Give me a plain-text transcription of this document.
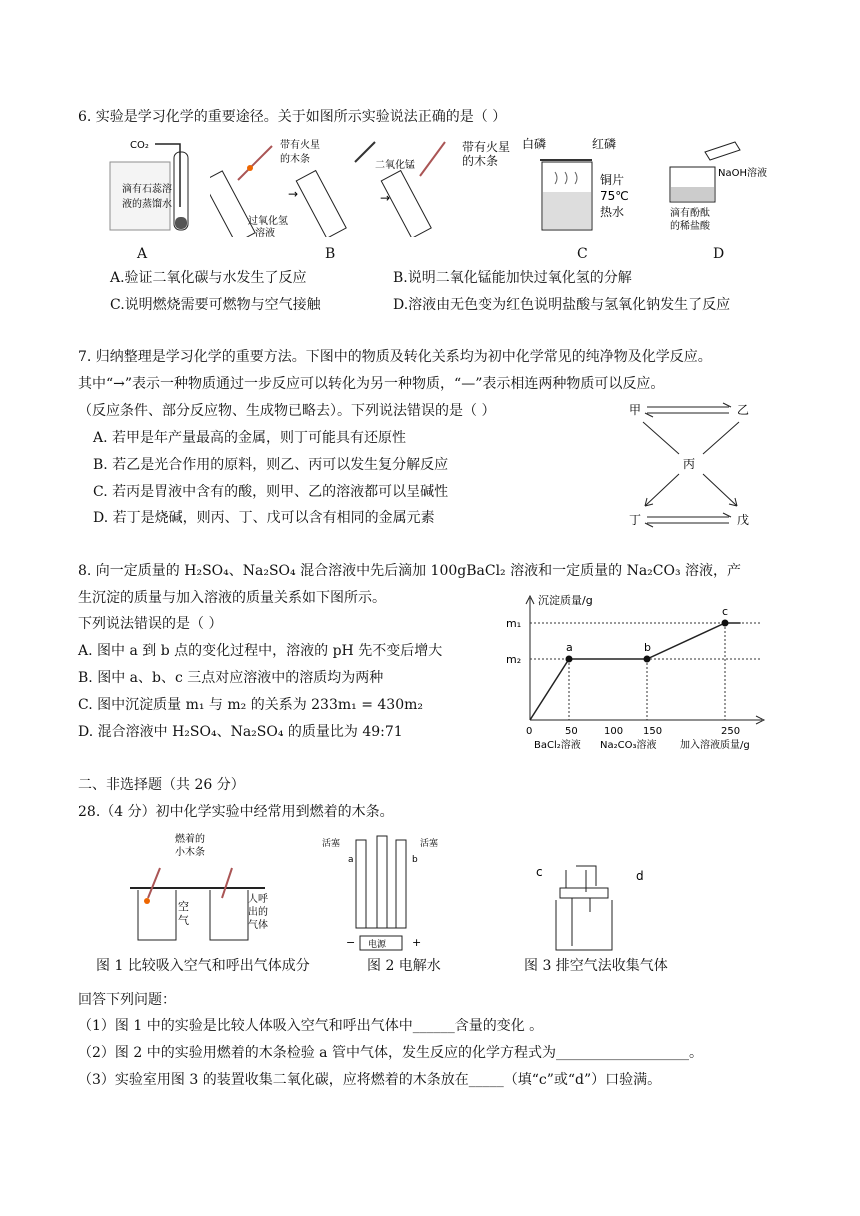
6. 实验是学习化学的重要途径。关于如图所示实验说法正确的是（ ）
CO₂
滴有石蕊溶
液的蒸馏水
带有火星
的木条
过氧化氢
溶液
→
二氧化锰
→
带有火星
的木条
白磷	红磷
铜片
75℃
热水
NaOH溶液
滴有酚酞
的稀盐酸
A	B	C	D
A.验证二氧化碳与水发生了反应	B.说明二氧化锰能加快过氧化氢的分解
C.说明燃烧需要可燃物与空气接触	D.溶液由无色变为红色说明盐酸与氢氧化钠发生了反应
7. 归纳整理是学习化学的重要方法。下图中的物质及转化关系均为初中化学常见的纯净物及化学反应。
其中“→”表示一种物质通过一步反应可以转化为另一种物质，“—”表示相连两种物质可以反应。
（反应条件、部分反应物、生成物已略去）。下列说法错误的是（ ）
A. 若甲是年产量最高的金属，则丁可能具有还原性
B. 若乙是光合作用的原料，则乙、丙可以发生复分解反应
C. 若丙是胃液中含有的酸，则甲、乙的溶液都可以呈碱性
D. 若丁是烧碱，则丙、丁、戊可以含有相同的金属元素
甲	乙
丙
丁	戊
8. 向一定质量的 H₂SO₄、Na₂SO₄ 混合溶液中先后滴加 100gBaCl₂ 溶液和一定质量的 Na₂CO₃ 溶液，产
生沉淀的质量与加入溶液的质量关系如下图所示。
下列说法错误的是（ ）
A. 图中 a 到 b 点的变化过程中，溶液的 pH 先不变后增大
B. 图中 a、b、c 三点对应溶液中的溶质均为两种
C. 图中沉淀质量 m₁ 与 m₂ 的关系为 233m₁ = 430m₂
D. 混合溶液中 H₂SO₄、Na₂SO₄ 的质量比为 49:71
沉淀质量/g
m₂
m₁
0	50	100 150	250
BaCl₂溶液 Na₂CO₃溶液 加入溶液质量/g
a	b
c
二、非选择题（共 26 分）
28.（4 分）初中化学实验中经常用到燃着的木条。
燃着的
小木条
空
气
人呼
出的
气体
活塞	活塞
a	b
电源
−	+
c	d
图 1 比较吸入空气和呼出气体成分	图 2 电解水	图 3 排空气法收集气体
回答下列问题：
（1）图 1 中的实验是比较人体吸入空气和呼出气体中______含量的变化 。
（2）图 2 中的实验用燃着的木条检验 a 管中气体，发生反应的化学方程式为___________________。
（3）实验室用图 3 的装置收集二氧化碳，应将燃着的木条放在_____（填“c”或“d”）口验满。
